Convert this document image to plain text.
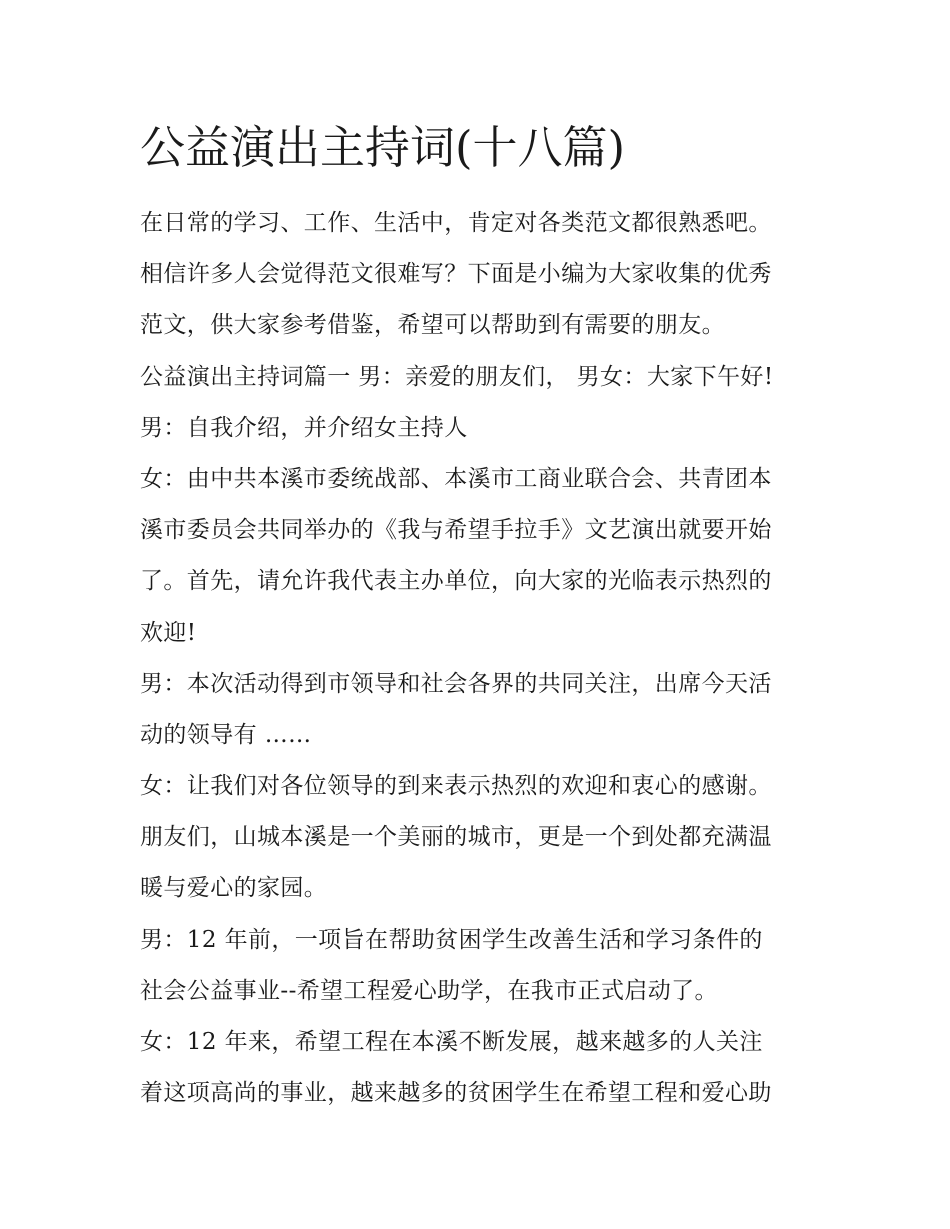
公益演出主持词(十八篇)
在日常的学习、工作、生活中，肯定对各类范文都很熟悉吧。
相信许多人会觉得范文很难写？下面是小编为大家收集的优秀
范文，供大家参考借鉴，希望可以帮助到有需要的朋友。
公益演出主持词篇一 男：亲爱的朋友们， 男女：大家下午好!
男：自我介绍，并介绍女主持人
女：由中共本溪市委统战部、本溪市工商业联合会、共青团本
溪市委员会共同举办的《我与希望手拉手》文艺演出就要开始
了。首先，请允许我代表主办单位，向大家的光临表示热烈的
欢迎!
男：本次活动得到市领导和社会各界的共同关注，出席今天活
动的领导有 ……
女：让我们对各位领导的到来表示热烈的欢迎和衷心的感谢。
朋友们，山城本溪是一个美丽的城市，更是一个到处都充满温
暖与爱心的家园。
男：12 年前，一项旨在帮助贫困学生改善生活和学习条件的
社会公益事业--希望工程爱心助学，在我市正式启动了。
女：12 年来，希望工程在本溪不断发展，越来越多的人关注
着这项高尚的事业，越来越多的贫困学生在希望工程和爱心助
